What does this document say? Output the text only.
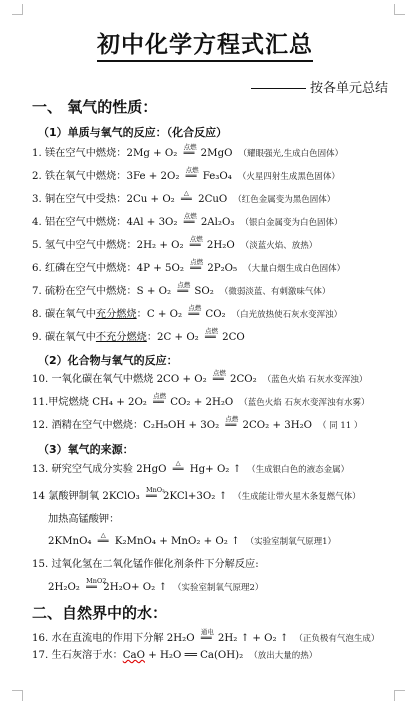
初中化学方程式汇总
按各单元总结
一、 氧气的性质：
（1）单质与氧气的反应：（化合反应）
1. 镁在空气中燃烧：2Mg + O₂
点燃
══ 2MgO （耀眼强光,生成白色固体）
2. 铁在氧气中燃烧：3Fe + 2O₂
点燃
══ Fe₃O₄ （火星四射生成黑色固体）
3. 铜在空气中受热：2Cu + O₂
△
══ 2CuO （红色金属变为黑色固体）
4. 铝在空气中燃烧：4Al + 3O₂
点燃
══ 2Al₂O₃ （银白金属变为白色固体）
5. 氢气中空气中燃烧：2H₂ + O₂
点燃
══ 2H₂O （淡蓝火焰、放热）
6. 红磷在空气中燃烧：4P + 5O₂
点燃
══ 2P₂O₅ （大量白烟生成白色固体）
7. 硫粉在空气中燃烧：S + O₂
点燃
══ SO₂ （微弱淡蓝、有刺激味气体）
8. 碳在氧气中充分燃烧：C + O₂
点燃
══ CO₂ （白光放热使石灰水变浑浊）
9. 碳在氧气中不充分燃烧：2C + O₂
点燃
══ 2CO
（2）化合物与氧气的反应：
10. 一氧化碳在氧气中燃烧 2CO + O₂
点燃
══ 2CO₂ （蓝色火焰 石灰水变浑浊）
11.甲烷燃烧 CH₄ + 2O₂
点燃
══ CO₂ + 2H₂O （蓝色火焰 石灰水变浑浊有水雾）
12. 酒精在空气中燃烧：C₂H₅OH + 3O₂
点燃
══ 2CO₂ + 3H₂O （ 同 11 ）
（3）氧气的来源：
13. 研究空气成分实验 2HgO
△
══ Hg+ O₂ ↑ （生成银白色的液态金属）
14 氯酸钾制氧 2KClO₃
MnO₂
══ 2KCl+3O₂ ↑ （生成能让带火星木条复燃气体）
加热高锰酸钾：
2KMnO₄
△
══ K₂MnO₄ + MnO₂ + O₂ ↑ （实验室制氧气原理1）
15. 过氧化氢在二氧化锰作催化剂条件下分解反应:
2H₂O₂
MnO2
══ 2H₂O+ O₂ ↑ （实验室制氧气原理2）
二、自然界中的水：
16. 水在直流电的作用下分解 2H₂O
通电
══ 2H₂ ↑ + O₂ ↑ （正负极有气泡生成）
17. 生石灰溶于水：CaO + H₂O ══ Ca(OH)₂ （放出大量的热）
